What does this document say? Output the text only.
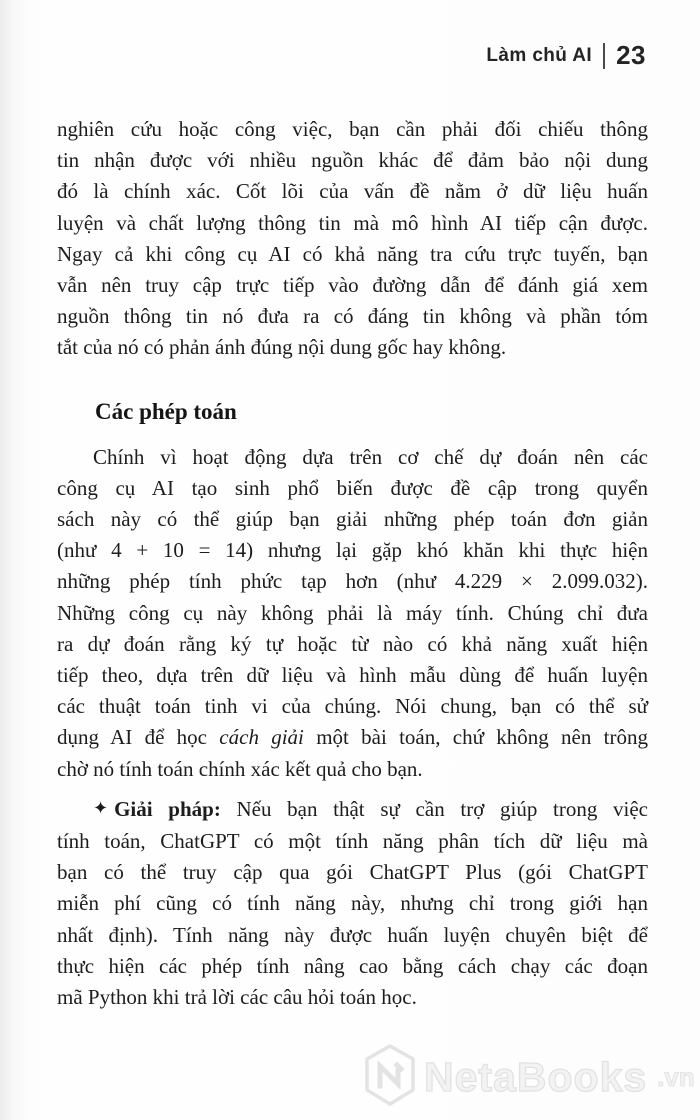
Làm chủ AI 23
nghiên cứu hoặc công việc, bạn cần phải đối chiếu thông
tin nhận được với nhiều nguồn khác để đảm bảo nội dung
đó là chính xác. Cốt lõi của vấn đề nằm ở dữ liệu huấn
luyện và chất lượng thông tin mà mô hình AI tiếp cận được.
Ngay cả khi công cụ AI có khả năng tra cứu trực tuyến, bạn
vẫn nên truy cập trực tiếp vào đường dẫn để đánh giá xem
nguồn thông tin nó đưa ra có đáng tin không và phần tóm
tắt của nó có phản ánh đúng nội dung gốc hay không.
Các phép toán
Chính vì hoạt động dựa trên cơ chế dự đoán nên các
công cụ AI tạo sinh phổ biến được đề cập trong quyển
sách này có thể giúp bạn giải những phép toán đơn giản
(như 4 + 10 = 14) nhưng lại gặp khó khăn khi thực hiện
những phép tính phức tạp hơn (như 4.229 × 2.099.032).
Những công cụ này không phải là máy tính. Chúng chỉ đưa
ra dự đoán rằng ký tự hoặc từ nào có khả năng xuất hiện
tiếp theo, dựa trên dữ liệu và hình mẫu dùng để huấn luyện
các thuật toán tinh vi của chúng. Nói chung, bạn có thể sử
dụng AI để học cách giải một bài toán, chứ không nên trông
chờ nó tính toán chính xác kết quả cho bạn.
✦ Giải pháp: Nếu bạn thật sự cần trợ giúp trong việc
tính toán, ChatGPT có một tính năng phân tích dữ liệu mà
bạn có thể truy cập qua gói ChatGPT Plus (gói ChatGPT
miễn phí cũng có tính năng này, nhưng chỉ trong giới hạn
nhất định). Tính năng này được huấn luyện chuyên biệt để
thực hiện các phép tính nâng cao bằng cách chạy các đoạn
mã Python khi trả lời các câu hỏi toán học.
NetaBooks .vn
